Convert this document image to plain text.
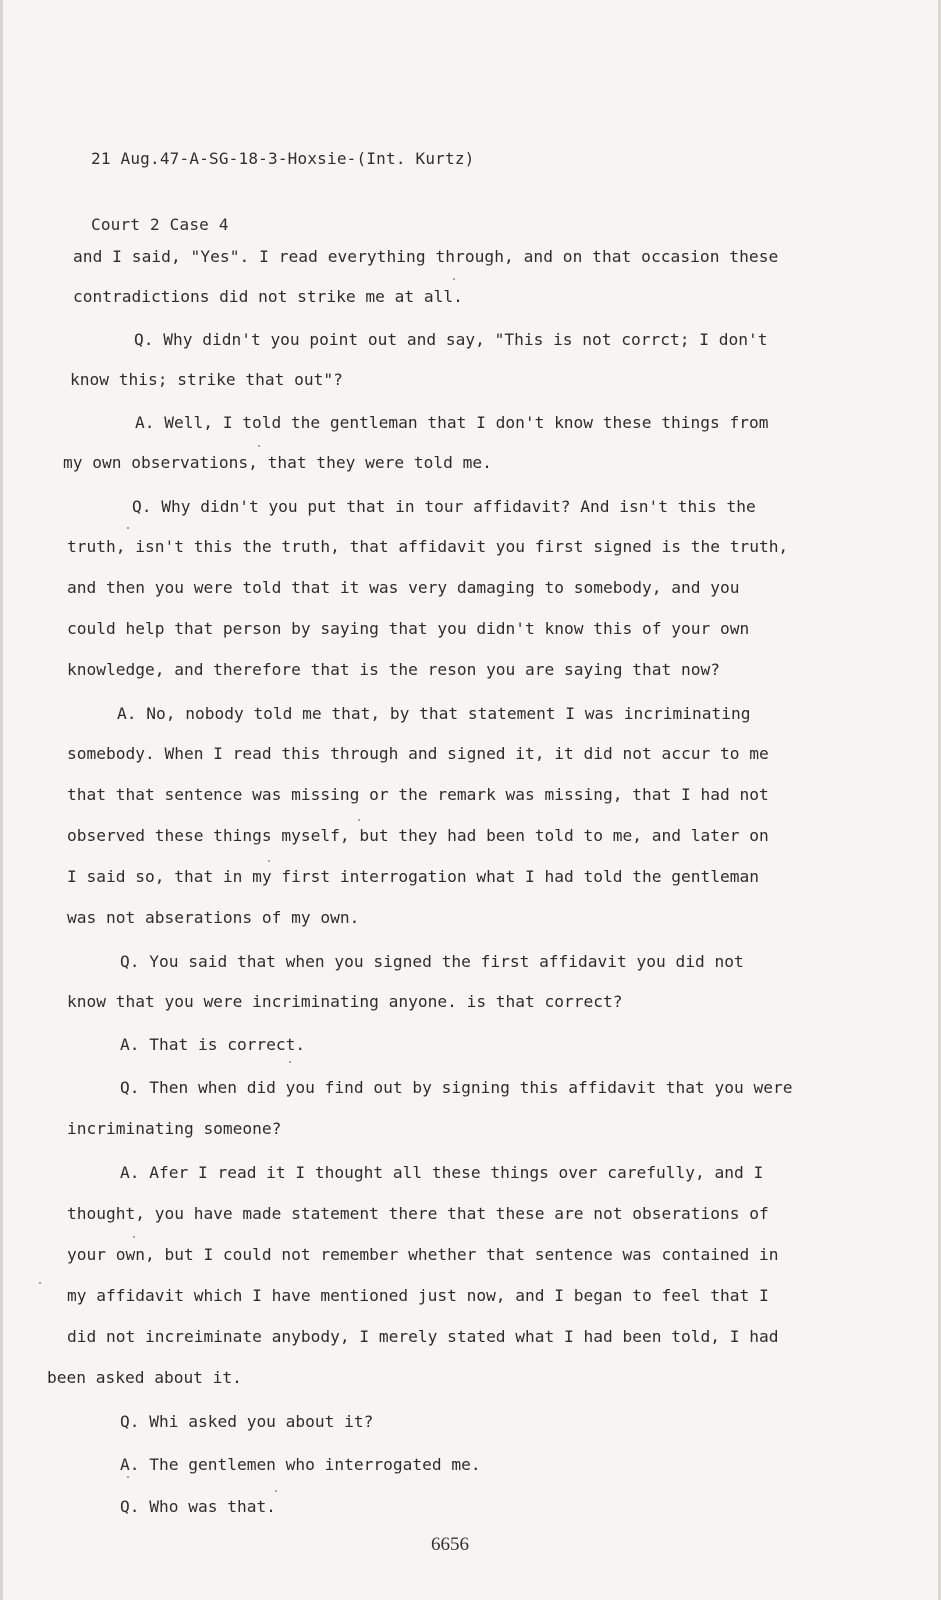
21 Aug.47-A-SG-18-3-Hoxsie-(Int. Kurtz)

Court 2 Case 4

and I said, "Yes". I read everything through, and on that occasion these
contradictions did not strike me at all.
Q. Why didn't you point out and say, "This is not corrct; I don't
know this; strike that out"?
A. Well, I told the gentleman that I don't know these things from
my own observations, that they were told me.
Q. Why didn't you put that in tour affidavit? And isn't this the
truth, isn't this the truth, that affidavit you first signed is the truth,
and then you were told that it was very damaging to somebody, and you
could help that person by saying that you didn't know this of your own
knowledge, and therefore that is the reson you are saying that now?
A. No, nobody told me that, by that statement I was incriminating
somebody. When I read this through and signed it, it did not accur to me
that that sentence was missing or the remark was missing, that I had not
observed these things myself, but they had been told to me, and later on
I said so, that in my first interrogation what I had told the gentleman
was not abserations of my own.
Q. You said that when you signed the first affidavit you did not
know that you were incriminating anyone. is that correct?
A. That is correct.
Q. Then when did you find out by signing this affidavit that you were
incriminating someone?
A. Afer I read it I thought all these things over carefully, and I
thought, you have made statement there that these are not obserations of
your own, but I could not remember whether that sentence was contained in
my affidavit which I have mentioned just now, and I began to feel that I
did not increiminate anybody, I merely stated what I had been told, I had
been asked about it.
Q. Whi asked you about it?
A. The gentlemen who interrogated me.
Q. Who was that.
6656
